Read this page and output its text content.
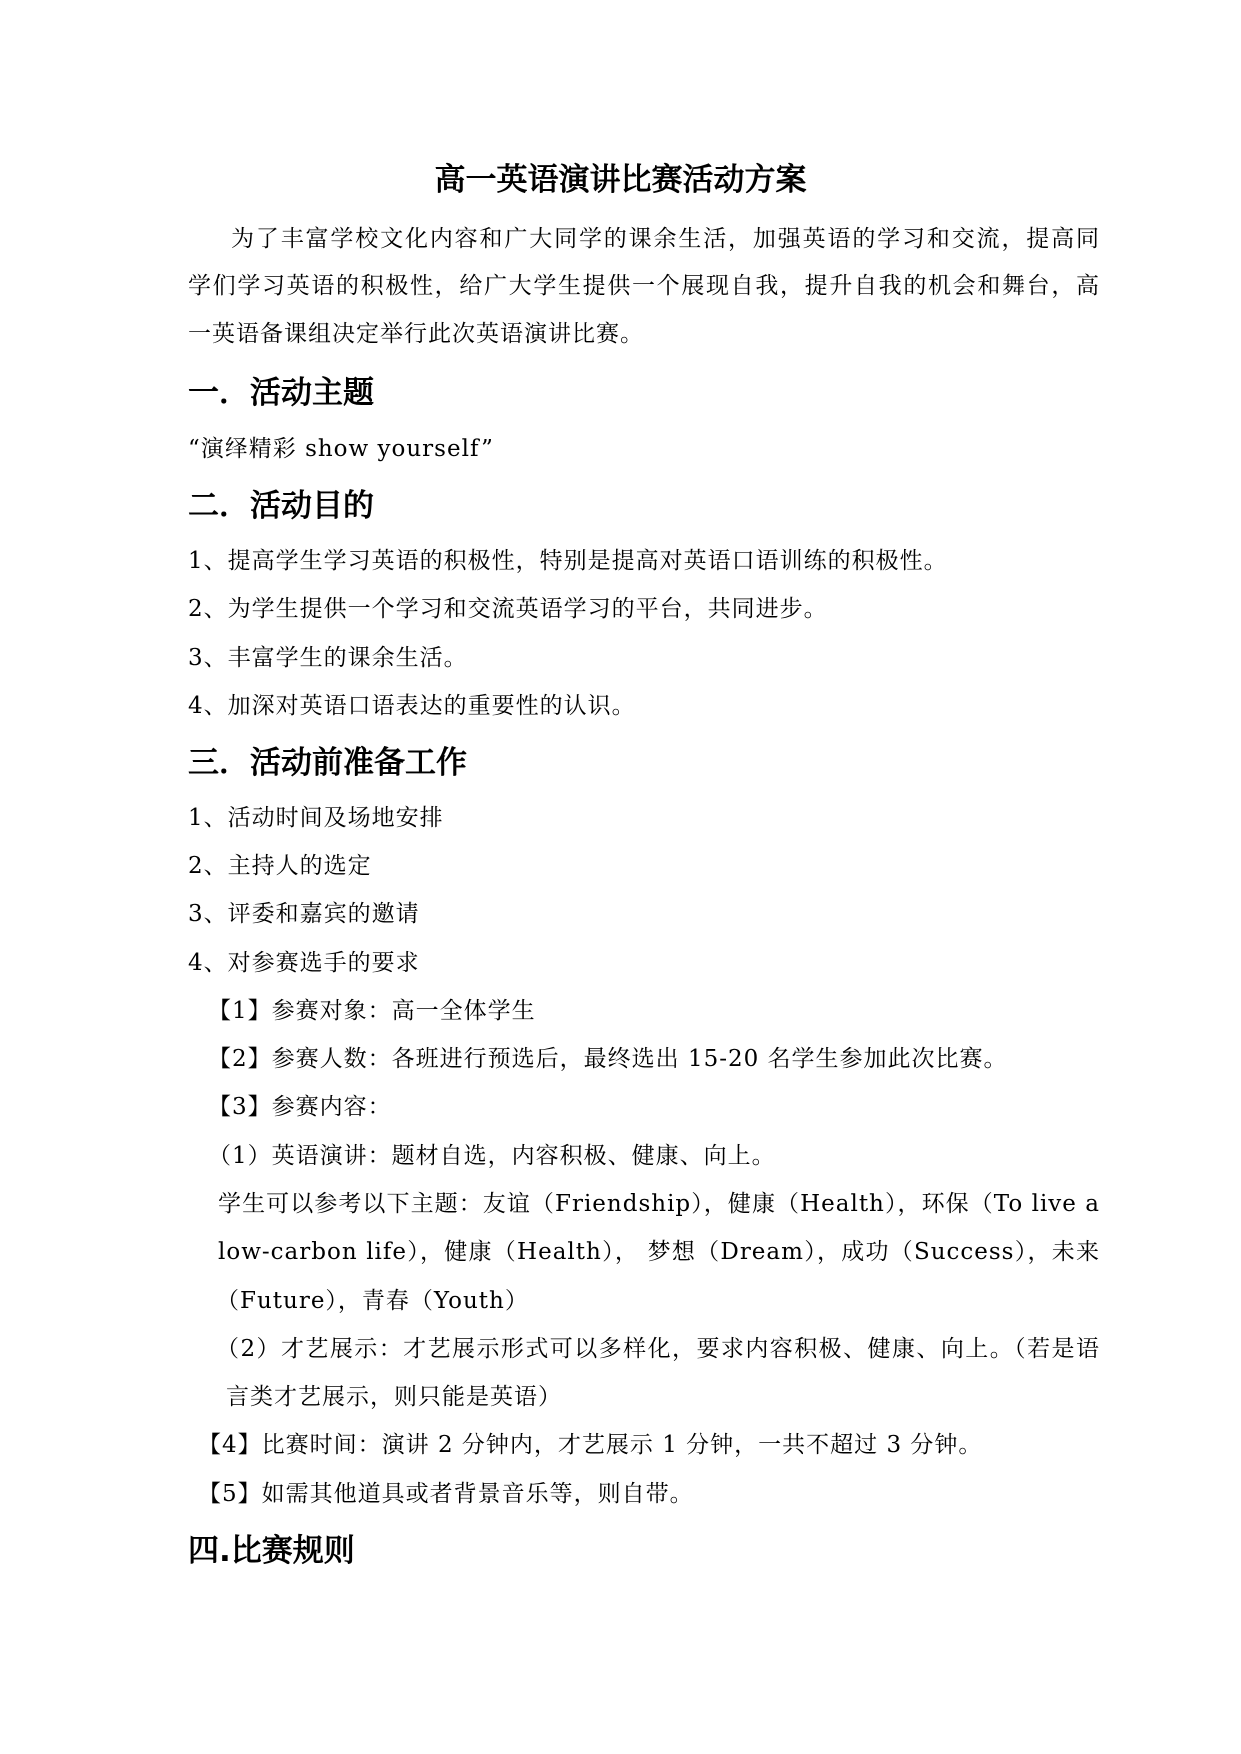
高一英语演讲比赛活动方案
为了丰富学校文化内容和广大同学的课余生活，加强英语的学习和交流，提高同
学们学习英语的积极性，给广大学生提供一个展现自我，提升自我的机会和舞台，高
一英语备课组决定举行此次英语演讲比赛。
一．活动主题
“演绎精彩 show yourself”
二．活动目的
1、提高学生学习英语的积极性，特别是提高对英语口语训练的积极性。
2、为学生提供一个学习和交流英语学习的平台，共同进步。
3、丰富学生的课余生活。
4、加深对英语口语表达的重要性的认识。
三．活动前准备工作
1、活动时间及场地安排
2、主持人的选定
3、评委和嘉宾的邀请
4、对参赛选手的要求
【1】参赛对象：高一全体学生
【2】参赛人数：各班进行预选后，最终选出 15-20 名学生参加此次比赛。
【3】参赛内容：
（1）英语演讲：题材自选，内容积极、健康、向上。
学生可以参考以下主题：友谊（Friendship），健康（Health），环保（To live a
low-carbon life），健康（Health）， 梦想（Dream），成功（Success），未来
（Future），青春（Youth）
（2）才艺展示：才艺展示形式可以多样化，要求内容积极、健康、向上。（若是语
言类才艺展示，则只能是英语）
【4】比赛时间：演讲 2 分钟内，才艺展示 1 分钟，一共不超过 3 分钟。
【5】如需其他道具或者背景音乐等，则自带。
四.比赛规则
